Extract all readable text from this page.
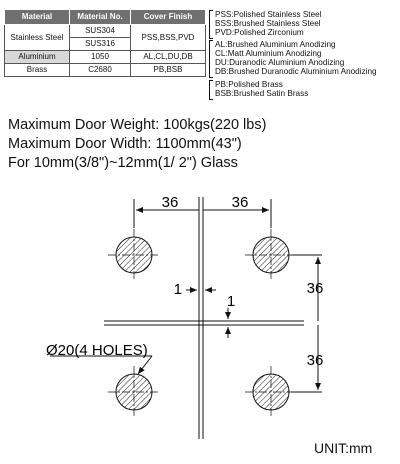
Material	Material No.	Cover Finish
Stainless Steel	SUS304	PSS,BSS,PVD
	SUS316	
Aluminium	1050	AL,CL,DU,DB
Brass	C2680	PB,BSB
PSS:Polished Stainless Steel
BSS:Brushed Stainless Steel
PVD:Polished Zirconium
AL:Brushed Aluminium Anodizing
CL:Matt Aluminium Anodizing
DU:Duranodic Aluminium Anodizing
DB:Brushed Duranodic Aluminium Anodizing
PB:Polished Brass
BSB:Brushed Satin Brass
Maximum Door Weight: 100kgs(220 lbs)
Maximum Door Width: 1100mm(43")
For 10mm(3/8")~12mm(1/ 2") Glass
36	36
36
36
1
1
Ø20(4 HOLES)
UNIT:mm
